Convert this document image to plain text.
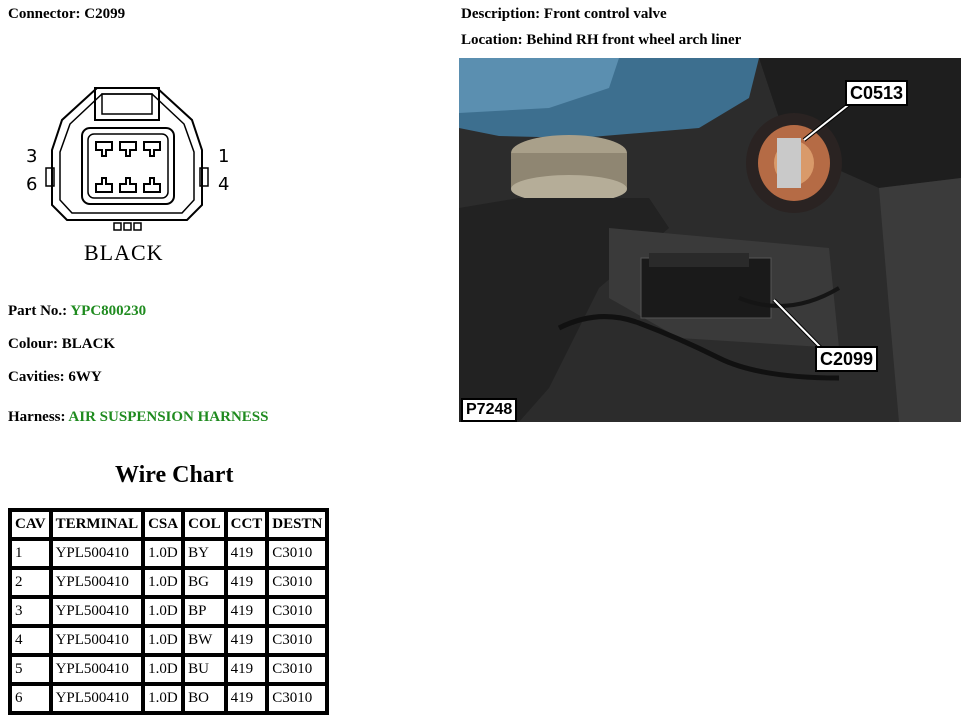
Connector: C2099
3
6
1
4
BLACK
Part No.: YPC800230
Colour: BLACK
Cavities: 6WY
Harness: AIR SUSPENSION HARNESS
Wire Chart
CAV	TERMINAL	CSA	COL	CCT	DESTN
1	YPL500410	1.0D	BY	419	C3010
2	YPL500410	1.0D	BG	419	C3010
3	YPL500410	1.0D	BP	419	C3010
4	YPL500410	1.0D	BW	419	C3010
5	YPL500410	1.0D	BU	419	C3010
6	YPL500410	1.0D	BO	419	C3010
Description: Front control valve
Location: Behind RH front wheel arch liner
C0513
C2099
P7248
